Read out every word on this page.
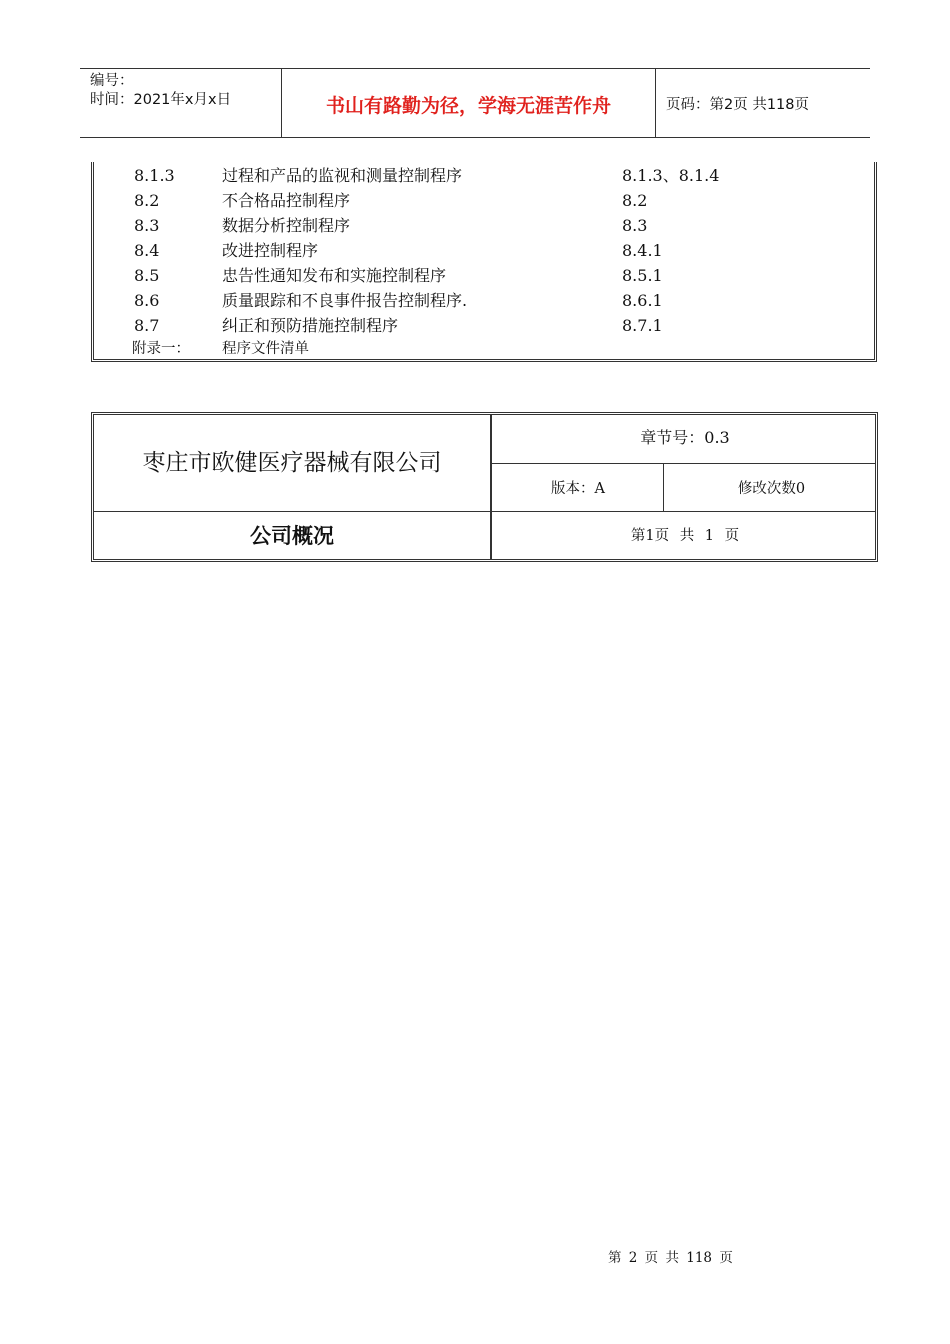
编号：
时间：2021年x月x日	书山有路勤为径，学海无涯苦作舟	页码：第2页 共118页
8.1.3	过程和产品的监视和测量控制程序	8.1.3、8.1.4
8.2	不合格品控制程序	8.2
8.3	数据分析控制程序	8.3
8.4	改进控制程序	8.4.1
8.5	忠告性通知发布和实施控制程序	8.5.1
8.6	质量跟踪和不良事件报告控制程序.	8.6.1
8.7	纠正和预防措施控制程序	8.7.1
附录一： 程序文件清单
枣庄市欧健医疗器械有限公司
章节号：0.3
版本：A	修改次数0
公司概况	第1页 共 1 页
第 2 页 共 118 页
